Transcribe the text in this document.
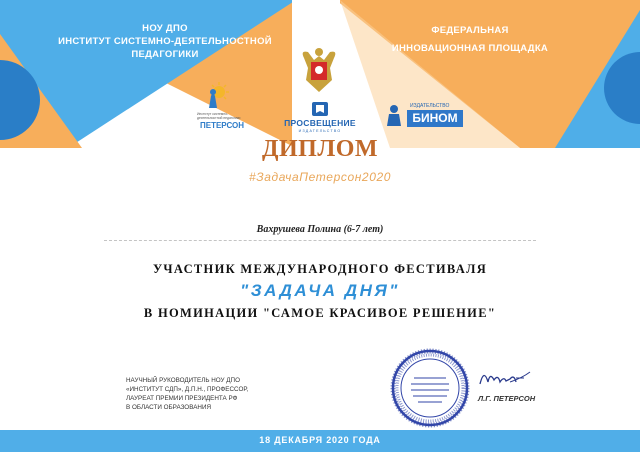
НОУ ДПО
ИНСТИТУТ СИСТЕМНО-ДЕЯТЕЛЬНОСТНОЙ
ПЕДАГОГИКИ
ФЕДЕРАЛЬНАЯ
ИННОВАЦИОННАЯ ПЛОЩАДКА
Институт системно-
деятельностной педагогики
ПЕТЕРСОН	ПРОСВЕЩЕНИЕ
ИЗДАТЕЛЬСТВО
ИЗДАТЕЛЬСТВО
БИНОМ
ДИПЛОМ
#ЗадачаПетерсон2020
Вахрушева Полина (6-7 лет)
УЧАСТНИК МЕЖДУНАРОДНОГО ФЕСТИВАЛЯ
"ЗАДАЧА ДНЯ"
В НОМИНАЦИИ "САМОЕ КРАСИВОЕ РЕШЕНИЕ"
НАУЧНЫЙ РУКОВОДИТЕЛЬ НОУ ДПО
«ИНСТИТУТ СДП», Д.П.Н., ПРОФЕССОР,
ЛАУРЕАТ ПРЕМИИ ПРЕЗИДЕНТА РФ
В ОБЛАСТИ ОБРАЗОВАНИЯ
Л.Г. ПЕТЕРСОН
18 ДЕКАБРЯ 2020 ГОДА
